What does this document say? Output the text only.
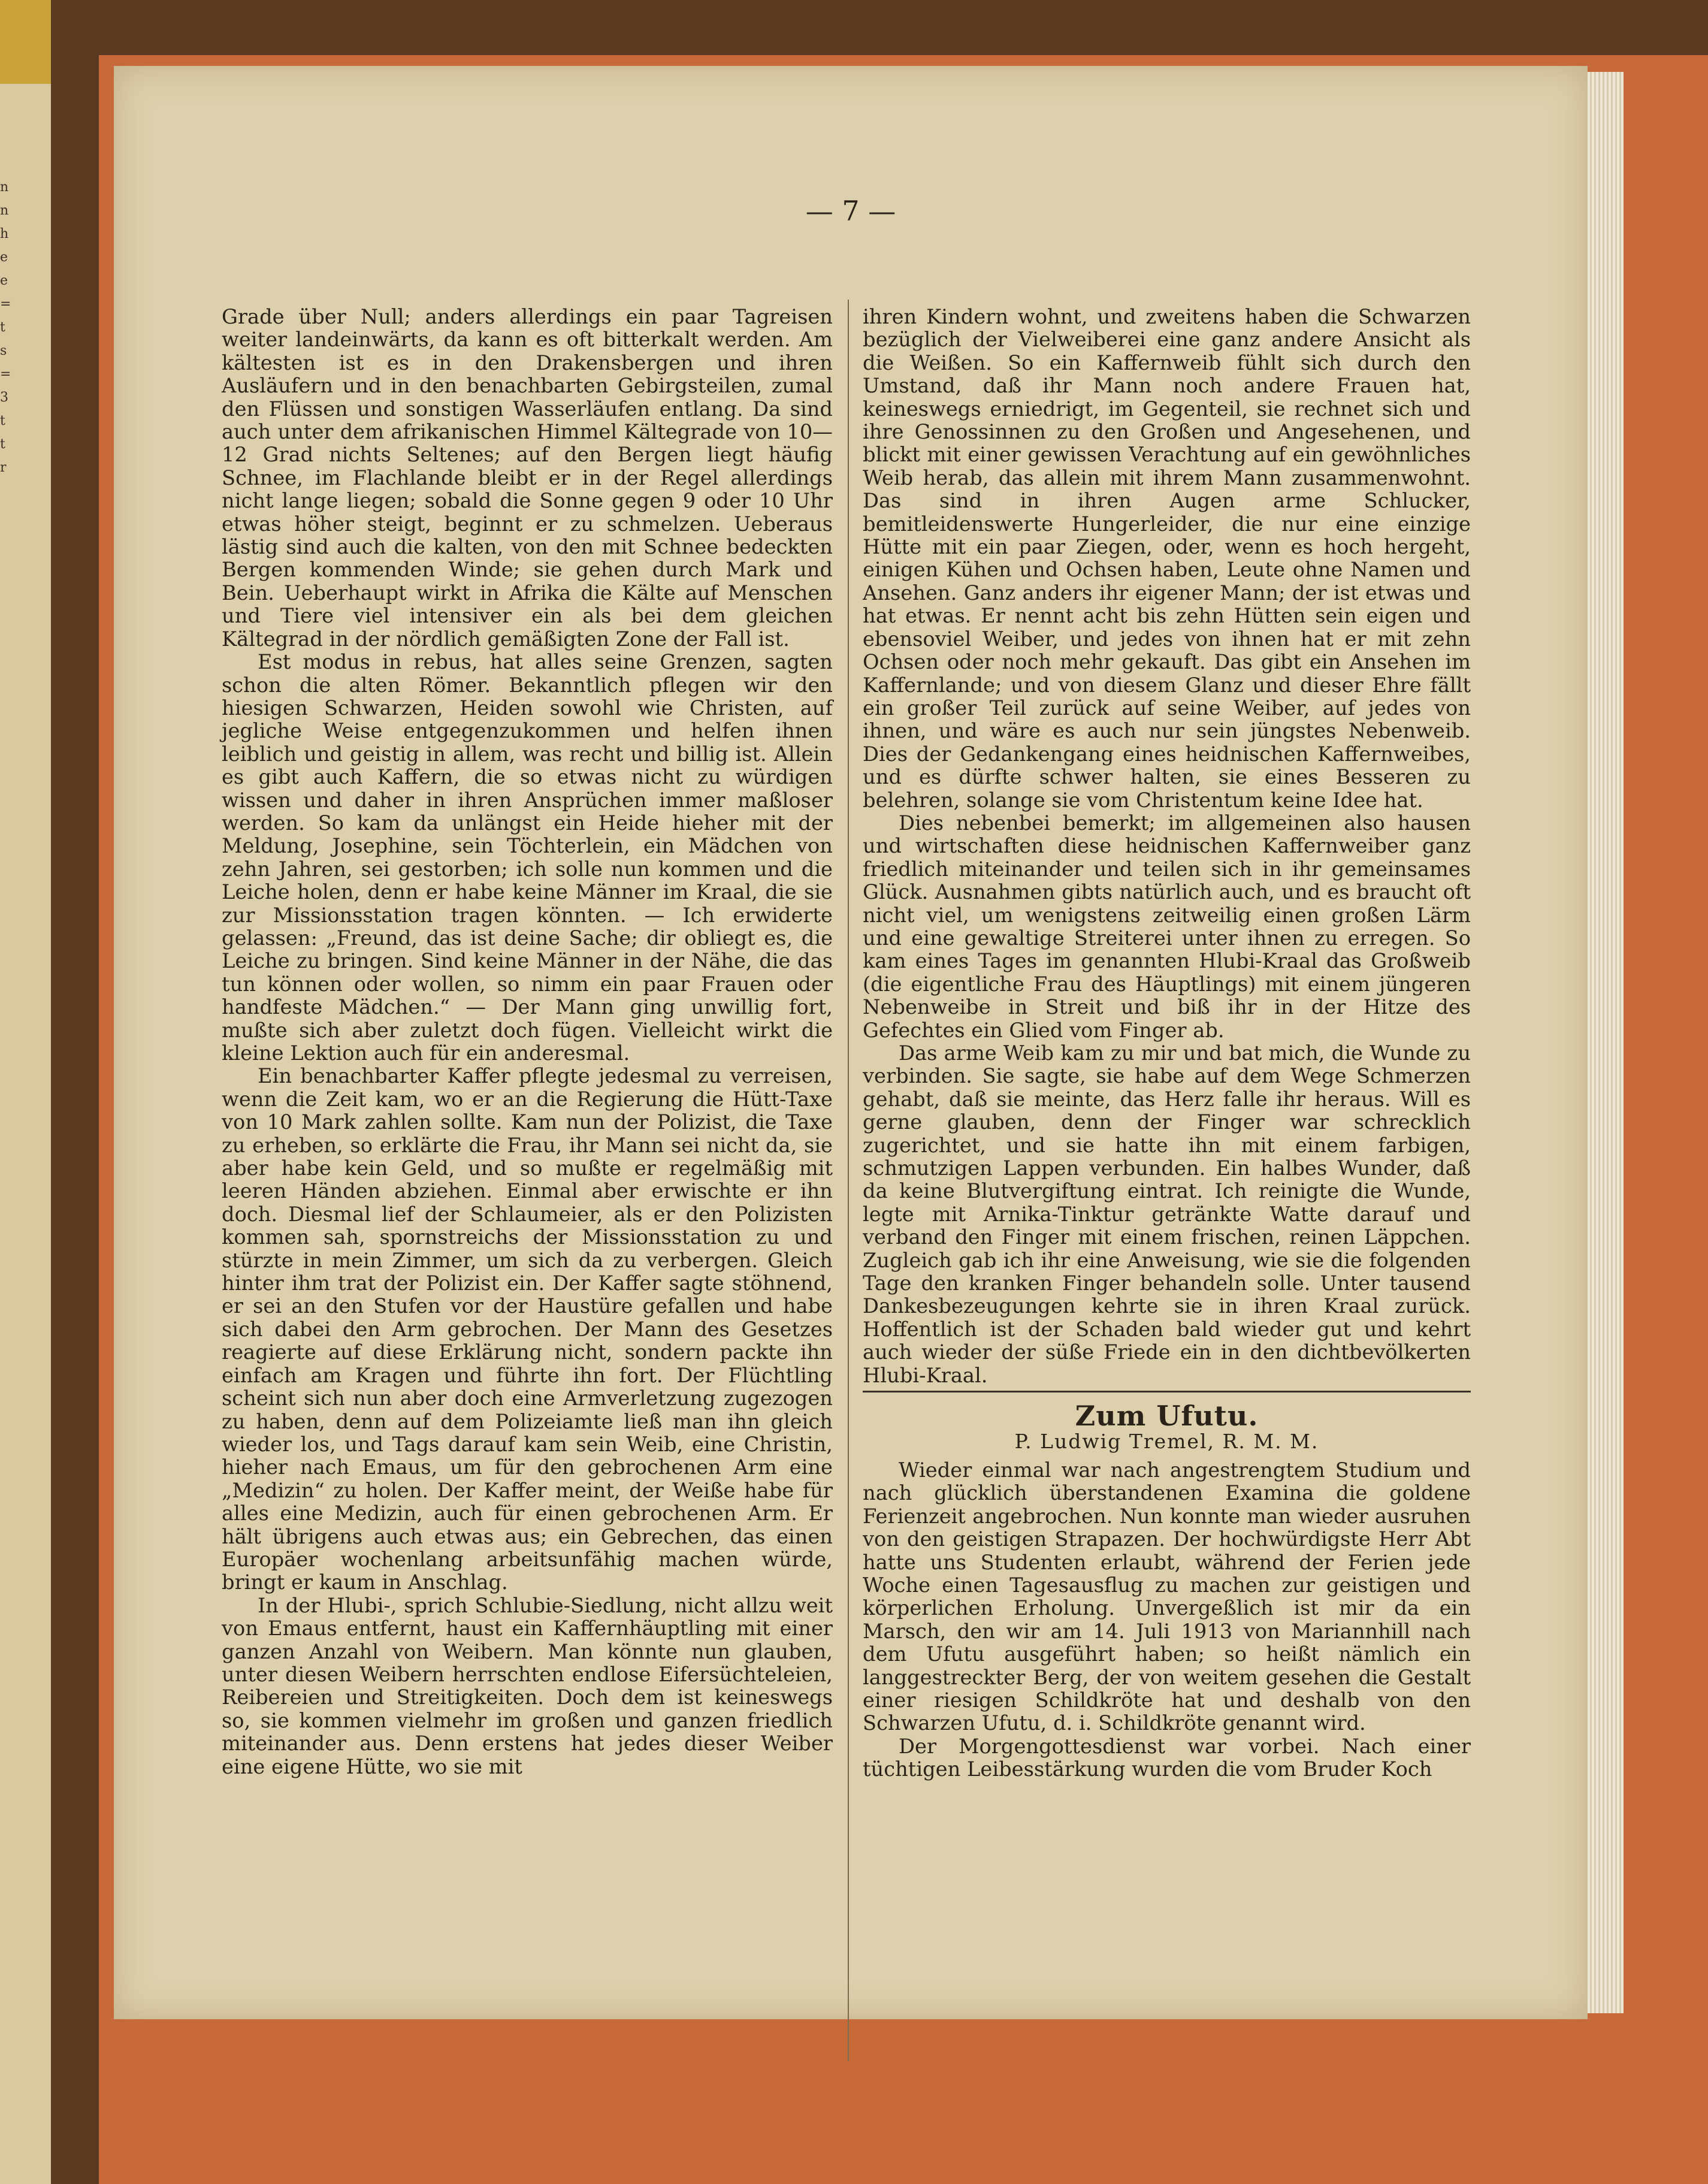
n
n
h
e
e
=
t
s
=
3
t
t
r
— 7 —

Grade über Null; anders allerdings ein paar Tagreisen weiter landeinwärts, da kann es oft bitterkalt werden. Am kältesten ist es in den Drakensbergen und ihren Ausläufern und in den benachbarten Gebirgsteilen, zumal den Flüssen und sonstigen Wasserläufen entlang. Da sind auch unter dem afrikanischen Himmel Kältegrade von 10—12 Grad nichts Seltenes; auf den Bergen liegt häufig Schnee, im Flachlande bleibt er in der Regel allerdings nicht lange liegen; sobald die Sonne gegen 9 oder 10 Uhr etwas höher steigt, beginnt er zu schmelzen. Ueberaus lästig sind auch die kalten, von den mit Schnee bedeckten Bergen kommenden Winde; sie gehen durch Mark und Bein. Ueberhaupt wirkt in Afrika die Kälte auf Menschen und Tiere viel intensiver ein als bei dem gleichen Kältegrad in der nördlich gemäßigten Zone der Fall ist.

Est modus in rebus, hat alles seine Grenzen, sagten schon die alten Römer. Bekanntlich pflegen wir den hiesigen Schwarzen, Heiden sowohl wie Christen, auf jegliche Weise entgegenzukommen und helfen ihnen leiblich und geistig in allem, was recht und billig ist. Allein es gibt auch Kaffern, die so etwas nicht zu würdigen wissen und daher in ihren Ansprüchen immer maßloser werden. So kam da unlängst ein Heide hieher mit der Meldung, Josephine, sein Töchterlein, ein Mädchen von zehn Jahren, sei gestorben; ich solle nun kommen und die Leiche holen, denn er habe keine Männer im Kraal, die sie zur Missionsstation tragen könnten. — Ich erwiderte gelassen: „Freund, das ist deine Sache; dir obliegt es, die Leiche zu bringen. Sind keine Männer in der Nähe, die das tun können oder wollen, so nimm ein paar Frauen oder handfeste Mädchen.“ — Der Mann ging unwillig fort, mußte sich aber zuletzt doch fügen. Vielleicht wirkt die kleine Lektion auch für ein anderesmal.

Ein benachbarter Kaffer pflegte jedesmal zu verreisen, wenn die Zeit kam, wo er an die Regierung die Hütt-Taxe von 10 Mark zahlen sollte. Kam nun der Polizist, die Taxe zu erheben, so erklärte die Frau, ihr Mann sei nicht da, sie aber habe kein Geld, und so mußte er regelmäßig mit leeren Händen abziehen. Einmal aber erwischte er ihn doch. Diesmal lief der Schlaumeier, als er den Polizisten kommen sah, spornstreichs der Missionsstation zu und stürzte in mein Zimmer, um sich da zu verbergen. Gleich hinter ihm trat der Polizist ein. Der Kaffer sagte stöhnend, er sei an den Stufen vor der Haustüre gefallen und habe sich dabei den Arm gebrochen. Der Mann des Gesetzes reagierte auf diese Erklärung nicht, sondern packte ihn einfach am Kragen und führte ihn fort. Der Flüchtling scheint sich nun aber doch eine Armverletzung zugezogen zu haben, denn auf dem Polizeiamte ließ man ihn gleich wieder los, und Tags darauf kam sein Weib, eine Christin, hieher nach Emaus, um für den gebrochenen Arm eine „Medizin“ zu holen. Der Kaffer meint, der Weiße habe für alles eine Medizin, auch für einen gebrochenen Arm. Er hält übrigens auch etwas aus; ein Gebrechen, das einen Europäer wochenlang arbeitsunfähig machen würde, bringt er kaum in Anschlag.

In der Hlubi-, sprich Schlubie-Siedlung, nicht allzu weit von Emaus entfernt, haust ein Kaffernhäuptling mit einer ganzen Anzahl von Weibern. Man könnte nun glauben, unter diesen Weibern herrschten endlose Eifersüchteleien, Reibereien und Streitigkeiten. Doch dem ist keineswegs so, sie kommen vielmehr im großen und ganzen friedlich miteinander aus. Denn erstens hat jedes dieser Weiber eine eigene Hütte, wo sie mit

ihren Kindern wohnt, und zweitens haben die Schwarzen bezüglich der Vielweiberei eine ganz andere Ansicht als die Weißen. So ein Kaffernweib fühlt sich durch den Umstand, daß ihr Mann noch andere Frauen hat, keineswegs erniedrigt, im Gegenteil, sie rechnet sich und ihre Genossinnen zu den Großen und Angesehenen, und blickt mit einer gewissen Verachtung auf ein gewöhnliches Weib herab, das allein mit ihrem Mann zusammenwohnt. Das sind in ihren Augen arme Schlucker, bemitleidenswerte Hungerleider, die nur eine einzige Hütte mit ein paar Ziegen, oder, wenn es hoch hergeht, einigen Kühen und Ochsen haben, Leute ohne Namen und Ansehen. Ganz anders ihr eigener Mann; der ist etwas und hat etwas. Er nennt acht bis zehn Hütten sein eigen und ebensoviel Weiber, und jedes von ihnen hat er mit zehn Ochsen oder noch mehr gekauft. Das gibt ein Ansehen im Kaffernlande; und von diesem Glanz und dieser Ehre fällt ein großer Teil zurück auf seine Weiber, auf jedes von ihnen, und wäre es auch nur sein jüngstes Nebenweib. Dies der Gedankengang eines heidnischen Kaffernweibes, und es dürfte schwer halten, sie eines Besseren zu belehren, solange sie vom Christentum keine Idee hat.

Dies nebenbei bemerkt; im allgemeinen also hausen und wirtschaften diese heidnischen Kaffernweiber ganz friedlich miteinander und teilen sich in ihr gemeinsames Glück. Ausnahmen gibts natürlich auch, und es braucht oft nicht viel, um wenigstens zeitweilig einen großen Lärm und eine gewaltige Streiterei unter ihnen zu erregen. So kam eines Tages im genannten Hlubi-Kraal das Großweib (die eigentliche Frau des Häuptlings) mit einem jüngeren Nebenweibe in Streit und biß ihr in der Hitze des Gefechtes ein Glied vom Finger ab.

Das arme Weib kam zu mir und bat mich, die Wunde zu verbinden. Sie sagte, sie habe auf dem Wege Schmerzen gehabt, daß sie meinte, das Herz falle ihr heraus. Will es gerne glauben, denn der Finger war schrecklich zugerichtet, und sie hatte ihn mit einem farbigen, schmutzigen Lappen verbunden. Ein halbes Wunder, daß da keine Blutvergiftung eintrat. Ich reinigte die Wunde, legte mit Arnika-Tinktur getränkte Watte darauf und verband den Finger mit einem frischen, reinen Läppchen. Zugleich gab ich ihr eine Anweisung, wie sie die folgenden Tage den kranken Finger behandeln solle. Unter tausend Dankesbezeugungen kehrte sie in ihren Kraal zurück. Hoffentlich ist der Schaden bald wieder gut und kehrt auch wieder der süße Friede ein in den dichtbevölkerten Hlubi-Kraal.

Zum Ufutu.
P. Ludwig Tremel, R. M. M.

Wieder einmal war nach angestrengtem Studium und nach glücklich überstandenen Examina die goldene Ferienzeit angebrochen. Nun konnte man wieder ausruhen von den geistigen Strapazen. Der hochwürdigste Herr Abt hatte uns Studenten erlaubt, während der Ferien jede Woche einen Tagesausflug zu machen zur geistigen und körperlichen Erholung. Unvergeßlich ist mir da ein Marsch, den wir am 14. Juli 1913 von Mariannhill nach dem Ufutu ausgeführt haben; so heißt nämlich ein langgestreckter Berg, der von weitem gesehen die Gestalt einer riesigen Schildkröte hat und deshalb von den Schwarzen Ufutu, d. i. Schildkröte genannt wird.

Der Morgengottesdienst war vorbei. Nach einer tüchtigen Leibesstärkung wurden die vom Bruder Koch
